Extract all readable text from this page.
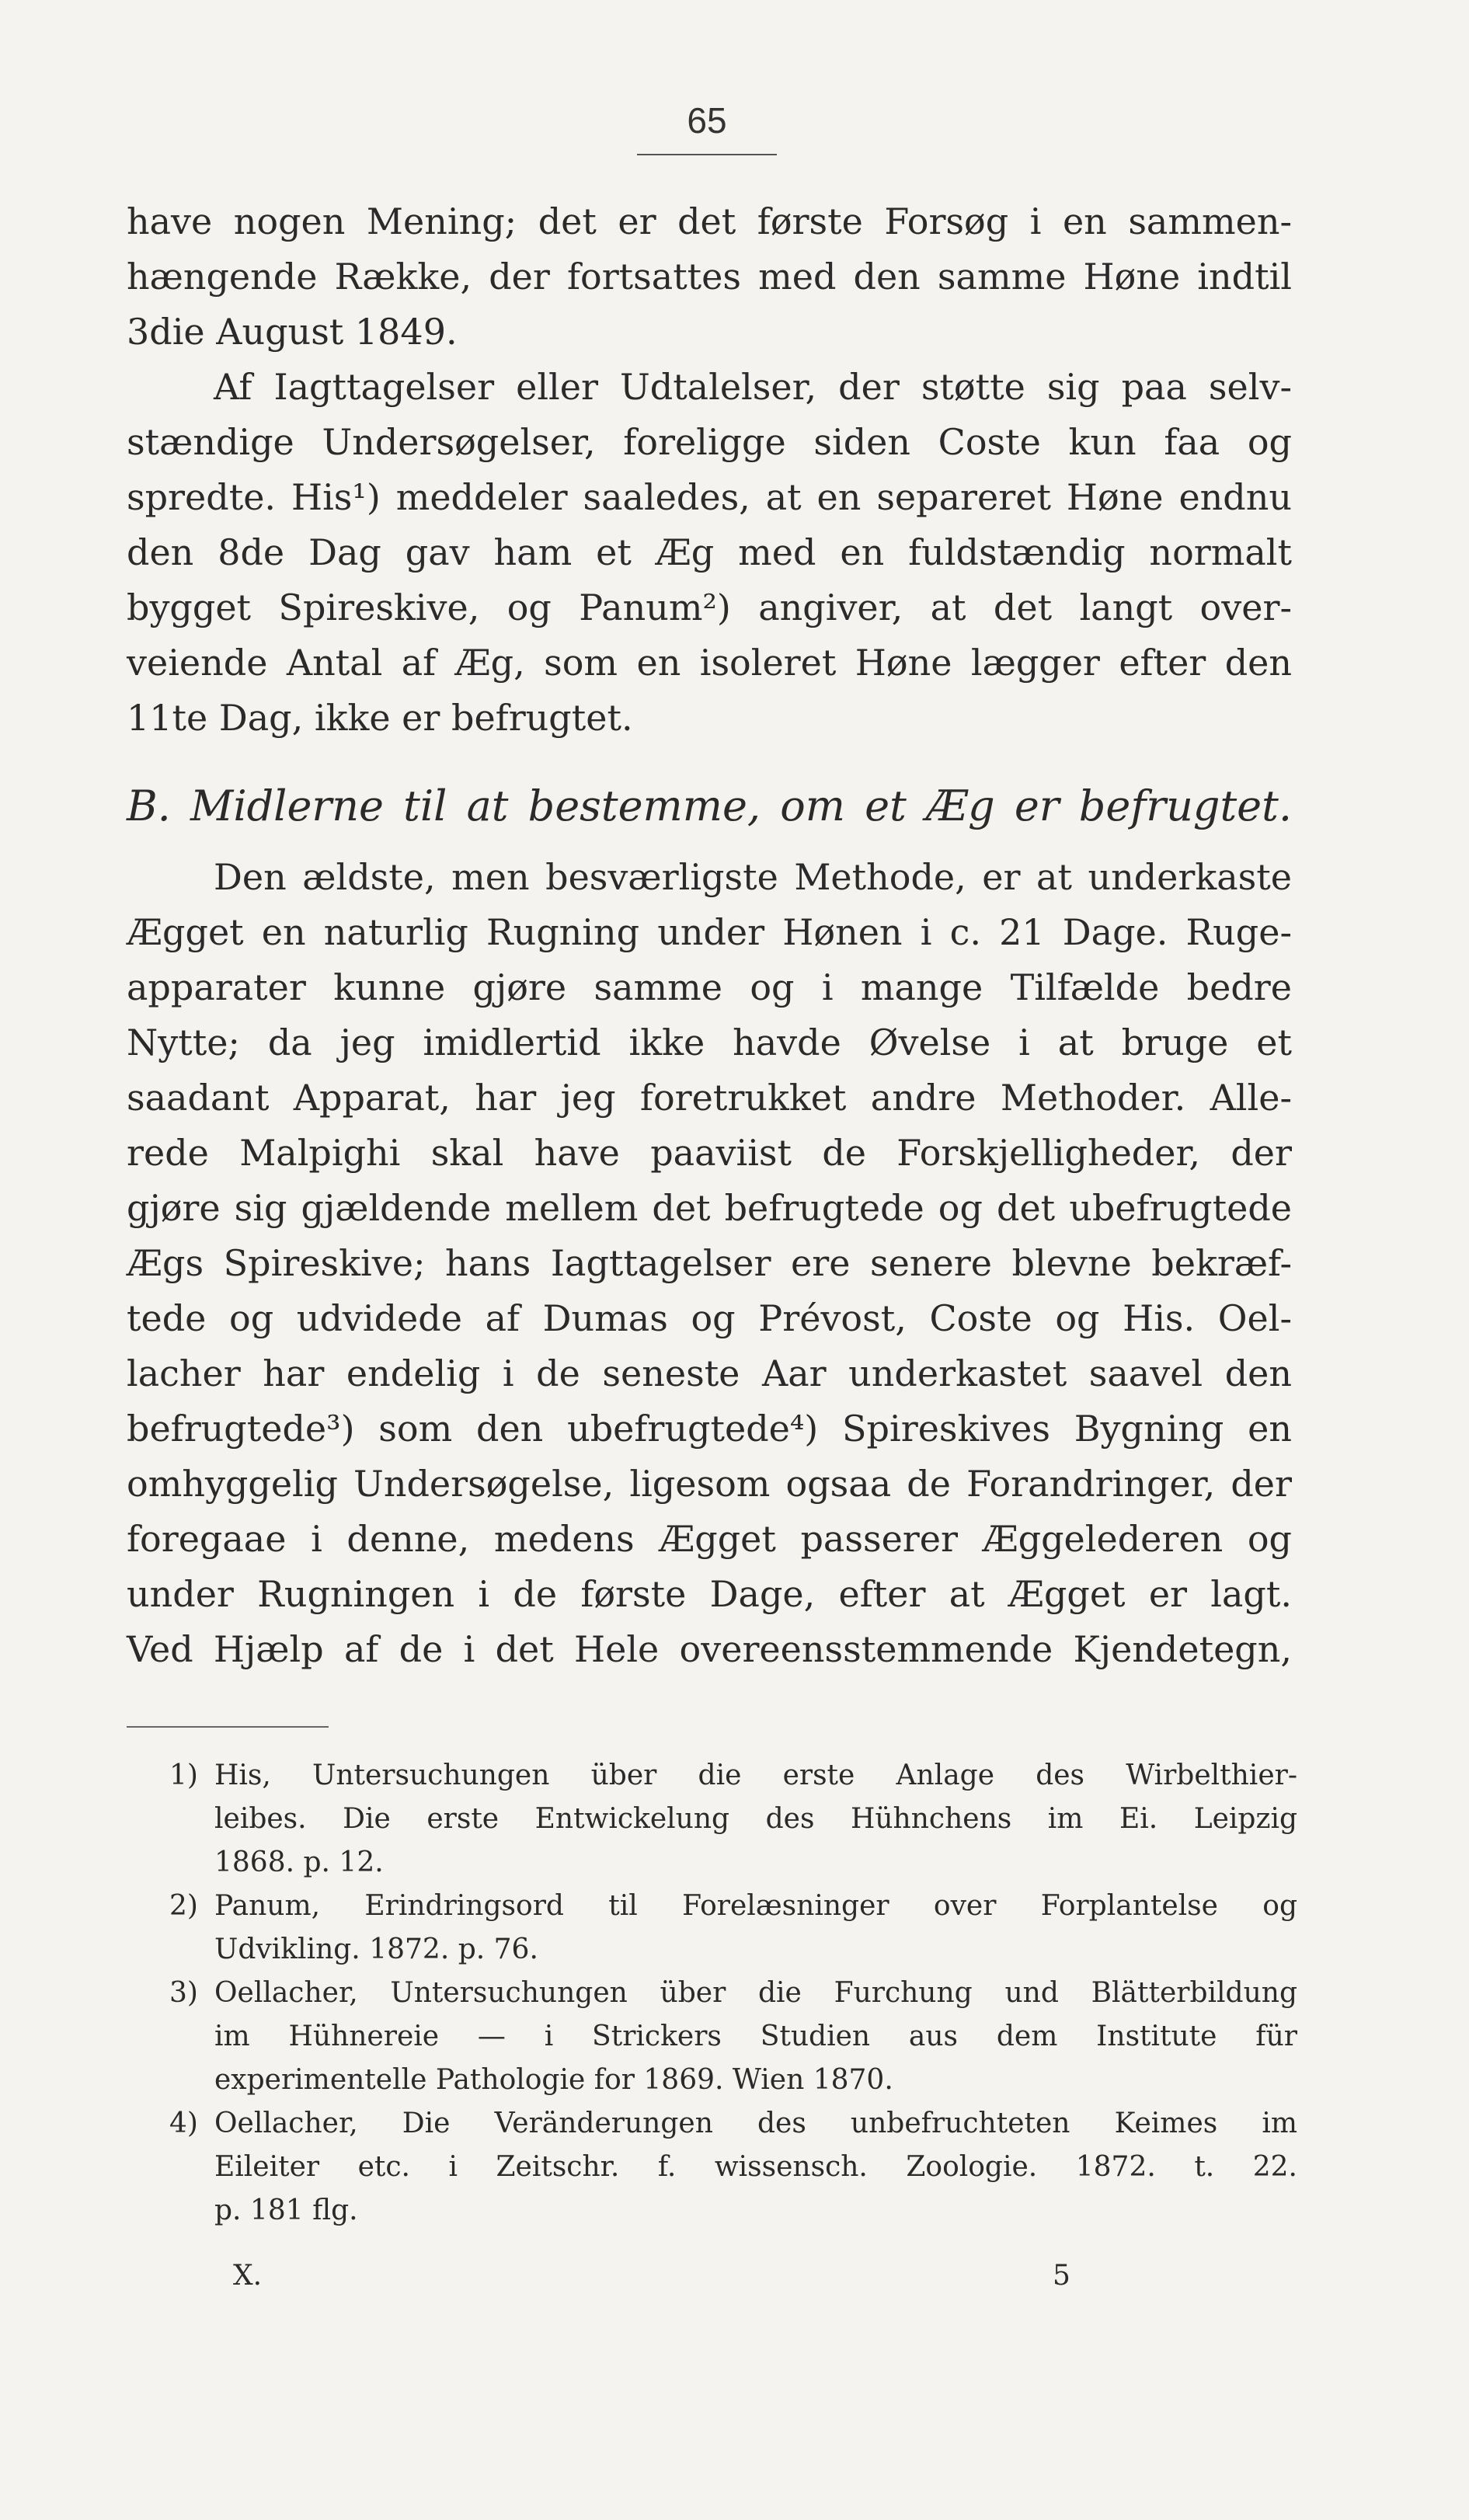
65
have nogen Mening; det er det første Forsøg i en sammen-
hængende Række, der fortsattes med den samme Høne indtil
3die August 1849.
Af Iagttagelser eller Udtalelser, der støtte sig paa selv-
stændige Undersøgelser, foreligge siden Coste kun faa og
spredte. His¹) meddeler saaledes, at en separeret Høne endnu
den 8de Dag gav ham et Æg med en fuldstændig normalt
bygget Spireskive, og Panum²) angiver, at det langt over-
veiende Antal af Æg, som en isoleret Høne lægger efter den
11te Dag, ikke er befrugtet.
B. Midlerne til at bestemme, om et Æg er befrugtet.
Den ældste, men besværligste Methode, er at underkaste
Ægget en naturlig Rugning under Hønen i c. 21 Dage. Ruge-
apparater kunne gjøre samme og i mange Tilfælde bedre
Nytte; da jeg imidlertid ikke havde Øvelse i at bruge et
saadant Apparat, har jeg foretrukket andre Methoder. Alle-
rede Malpighi skal have paaviist de Forskjelligheder, der
gjøre sig gjældende mellem det befrugtede og det ubefrugtede
Ægs Spireskive; hans Iagttagelser ere senere blevne bekræf-
tede og udvidede af Dumas og Prévost, Coste og His. Oel-
lacher har endelig i de seneste Aar underkastet saavel den
befrugtede³) som den ubefrugtede⁴) Spireskives Bygning en
omhyggelig Undersøgelse, ligesom ogsaa de Forandringer, der
foregaae i denne, medens Ægget passerer Æggelederen og
under Rugningen i de første Dage, efter at Ægget er lagt.
Ved Hjælp af de i det Hele overeensstemmende Kjendetegn,
1) His, Untersuchungen über die erste Anlage des Wirbelthier-
leibes. Die erste Entwickelung des Hühnchens im Ei. Leipzig
1868. p. 12.
2) Panum, Erindringsord til Forelæsninger over Forplantelse og
Udvikling. 1872. p. 76.
3) Oellacher, Untersuchungen über die Furchung und Blätterbildung
im Hühnereie — i Strickers Studien aus dem Institute für
experimentelle Pathologie for 1869. Wien 1870.
4) Oellacher, Die Veränderungen des unbefruchteten Keimes im
Eileiter etc. i Zeitschr. f. wissensch. Zoologie. 1872. t. 22.
p. 181 flg.
X.	5
